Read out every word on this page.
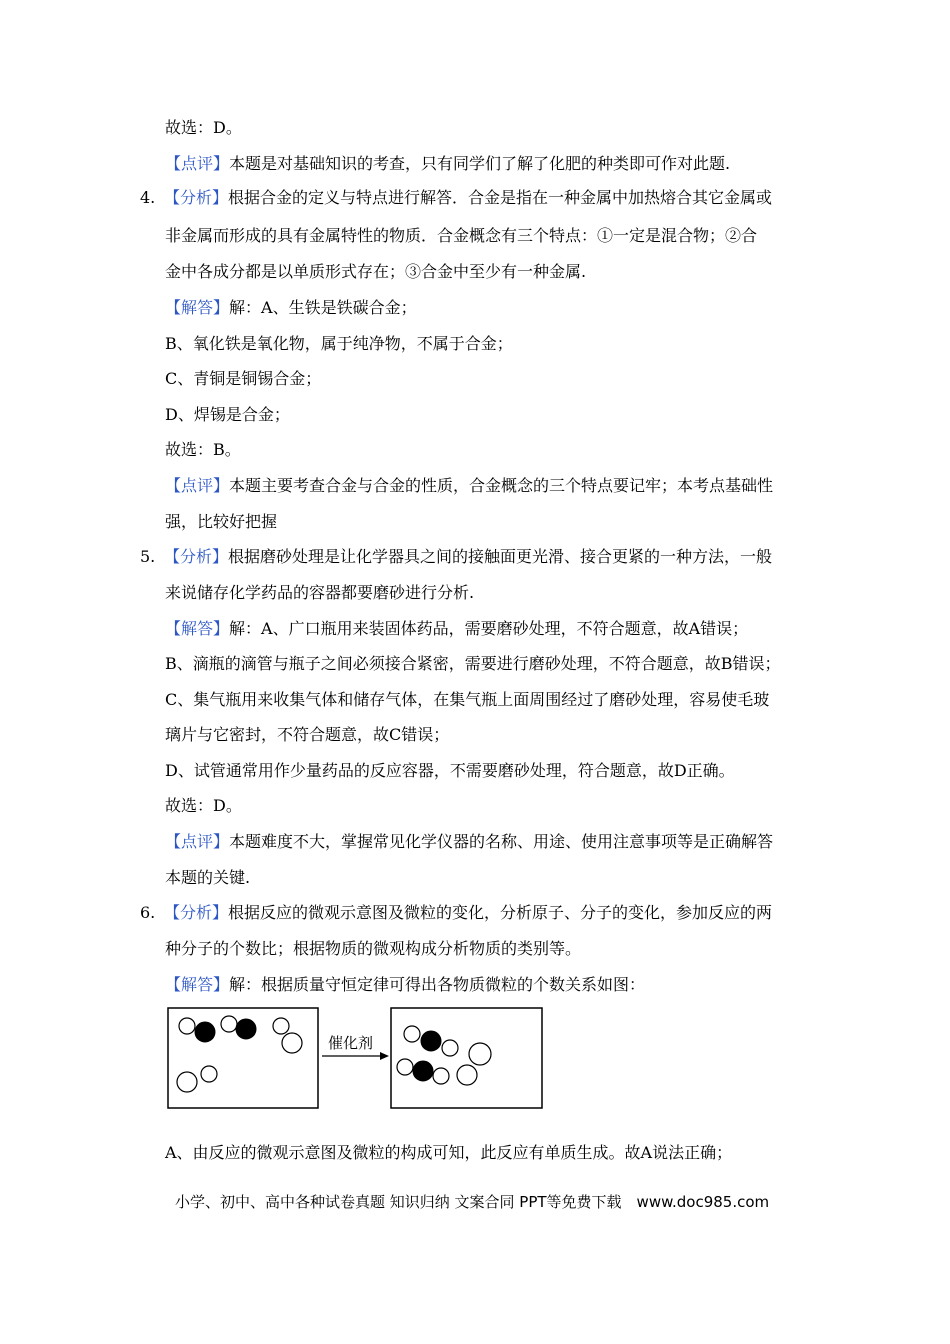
故选：D。
【点评】本题是对基础知识的考查，只有同学们了解了化肥的种类即可作对此题.
4. 【分析】根据合金的定义与特点进行解答．合金是指在一种金属中加热熔合其它金属或
非金属而形成的具有金属特性的物质．合金概念有三个特点：①一定是混合物；②合
金中各成分都是以单质形式存在；③合金中至少有一种金属.
【解答】解：A、生铁是铁碳合金；
B、氧化铁是氧化物，属于纯净物，不属于合金；
C、青铜是铜锡合金；
D、焊锡是合金；
故选：B。
【点评】本题主要考查合金与合金的性质，合金概念的三个特点要记牢；本考点基础性
强，比较好把握
5. 【分析】根据磨砂处理是让化学器具之间的接触面更光滑、接合更紧的一种方法，一般
来说储存化学药品的容器都要磨砂进行分析.
【解答】解：A、广口瓶用来装固体药品，需要磨砂处理，不符合题意，故A错误；
B、滴瓶的滴管与瓶子之间必须接合紧密，需要进行磨砂处理，不符合题意，故B错误；
C、集气瓶用来收集气体和储存气体，在集气瓶上面周围经过了磨砂处理，容易使毛玻
璃片与它密封，不符合题意，故C错误；
D、试管通常用作少量药品的反应容器，不需要磨砂处理，符合题意，故D正确。
故选：D。
【点评】本题难度不大，掌握常见化学仪器的名称、用途、使用注意事项等是正确解答
本题的关键.
6. 【分析】根据反应的微观示意图及微粒的变化，分析原子、分子的变化，参加反应的两
种分子的个数比；根据物质的微观构成分析物质的类别等。
【解答】解：根据质量守恒定律可得出各物质微粒的个数关系如图：
催化剂
A、由反应的微观示意图及微粒的构成可知，此反应有单质生成。故A说法正确；
小学、初中、高中各种试卷真题 知识归纳 文案合同 PPT等免费下载　www.doc985.com
